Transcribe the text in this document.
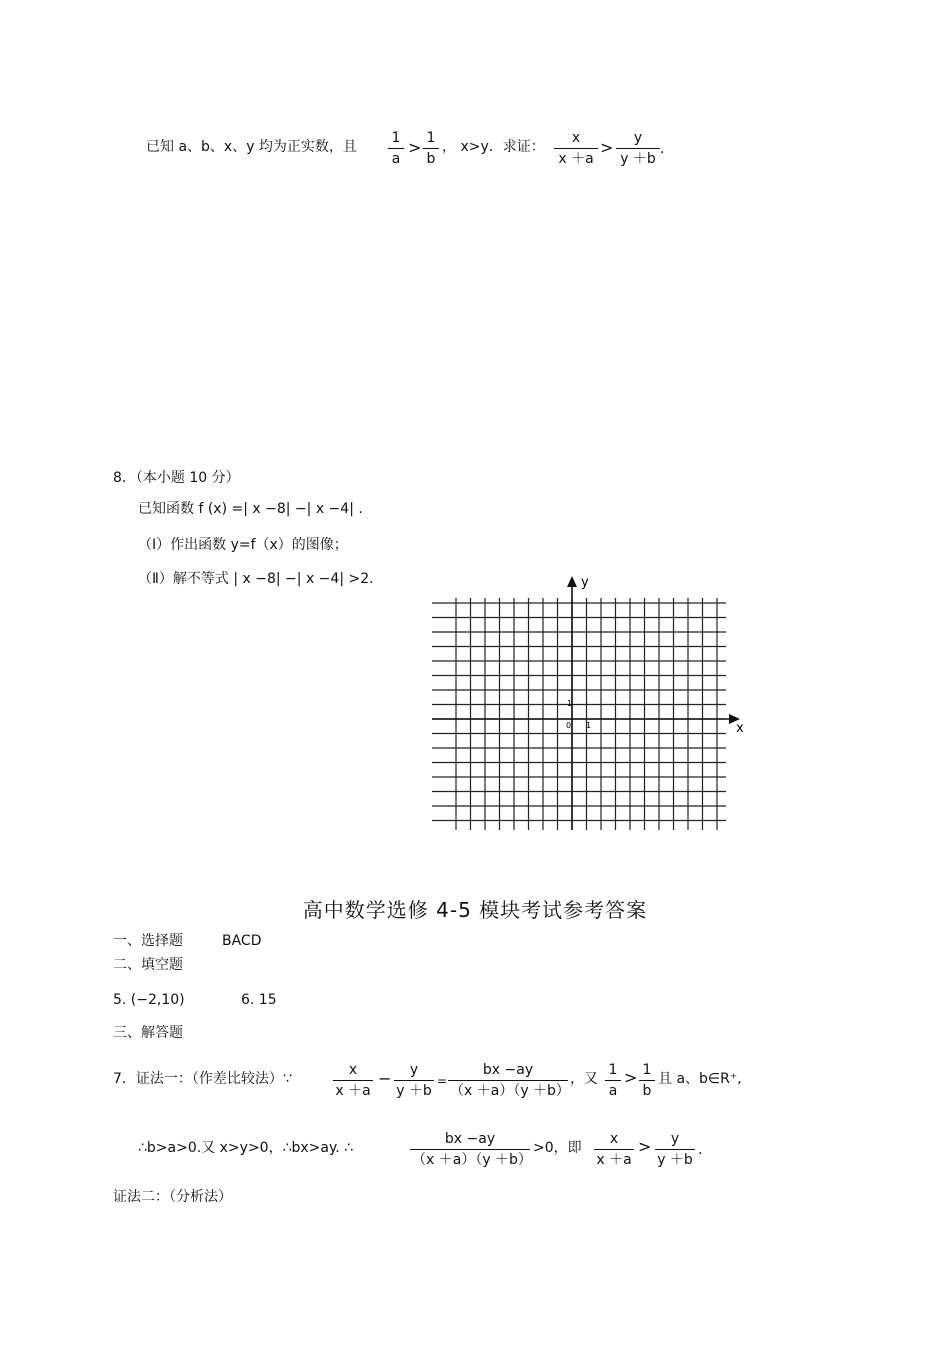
已知 a、b、x、y 均为正实数，且
1
a
> 1
b
， x>y．求证：
x
x ＋a
>	y
y ＋b
．
8．（本小题 10 分）
已知函数 f (x) =| x −8| −| x −4| .
（Ⅰ）作出函数 y=f（x）的图像；
（Ⅱ）解不等式 | x −8| −| x −4| >2．	y
x
0 1
1
高中数学选修 4-5 模块考试参考答案
一、选择题	BACD
二、填空题
5. (−2,10)	6. 15
三、解答题
7．证法一：（作差比较法）∵
x
x ＋a
−	y
y ＋b
=
bx −ay
（x ＋a）（y ＋b）
，又
1
a
> 1
b
且 a、b∈R⁺,
∴b>a>0.又 x>y>0，∴bx>ay. ∴
bx −ay
（x ＋a）（y ＋b）
>0，即
x
x ＋a
>	y
y ＋b
.
证法二：（分析法）
